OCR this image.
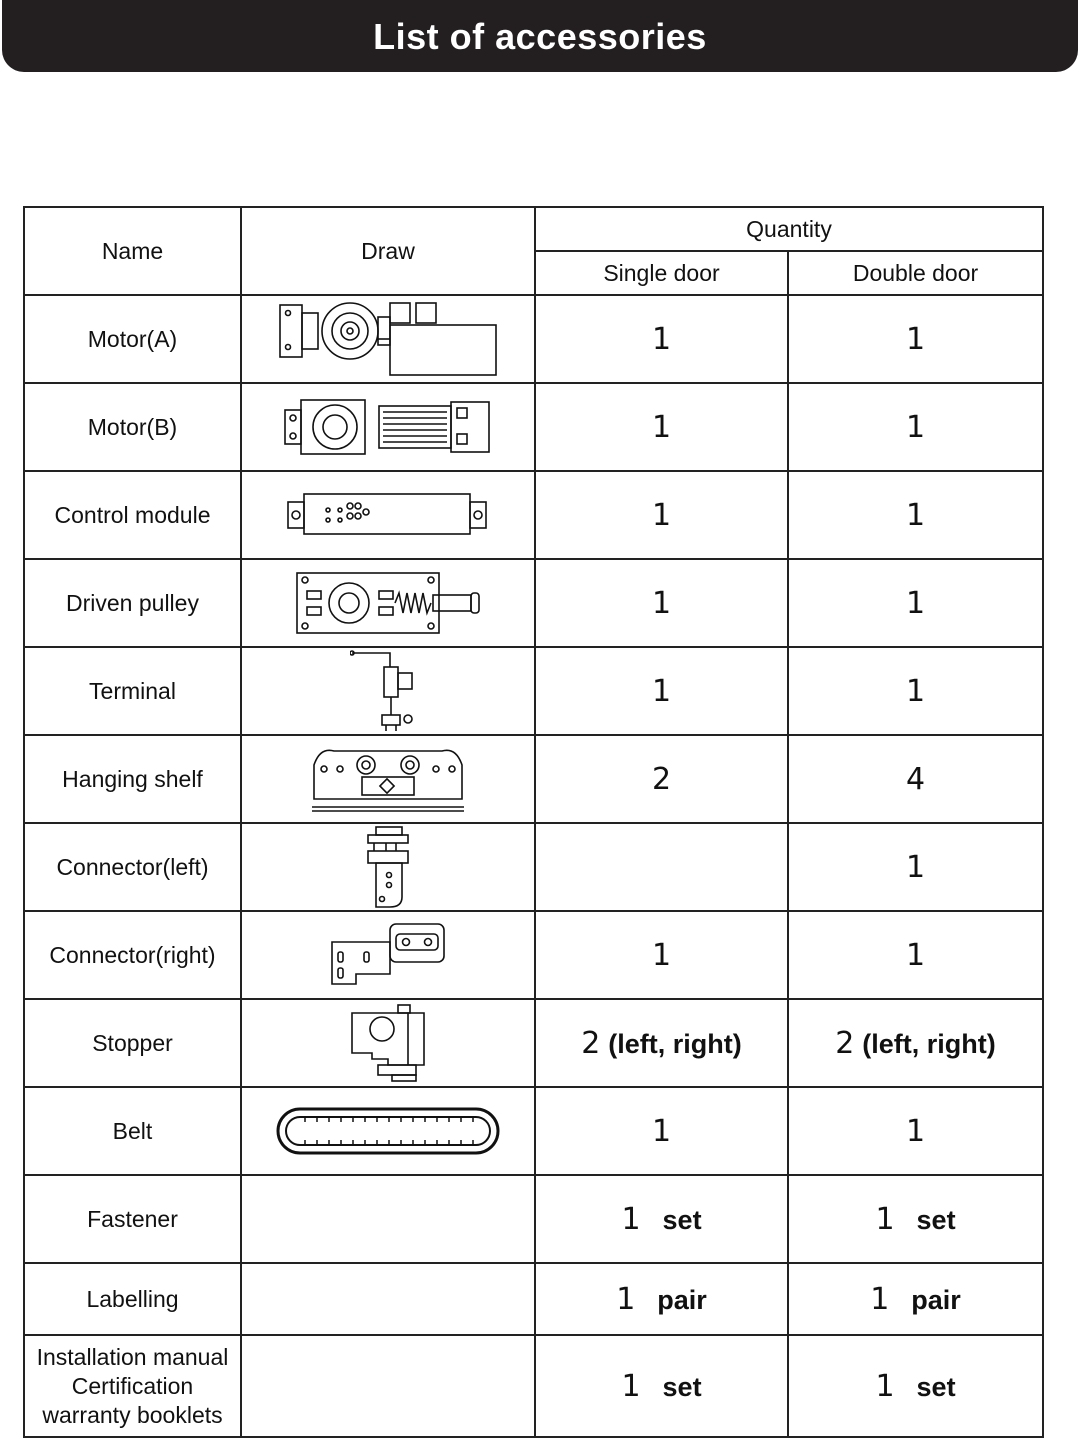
List of accessories
Name	Draw	Quantity	
		Single door	Double door
Motor(A)		1	1
Motor(B)		1	1
Control module		1	1
Driven pulley		1	1
Terminal		1	1
Hanging shelf		2	4
Connector(left)			1
Connector(right)		1	1
Stopper		2 (left, right)	2 (left, right)
Belt		1	1
Fastener		1 set	1 set
Labelling		1 pair	1 pair

Installation manual
Certification
warranty booklets		1 set	1 set
